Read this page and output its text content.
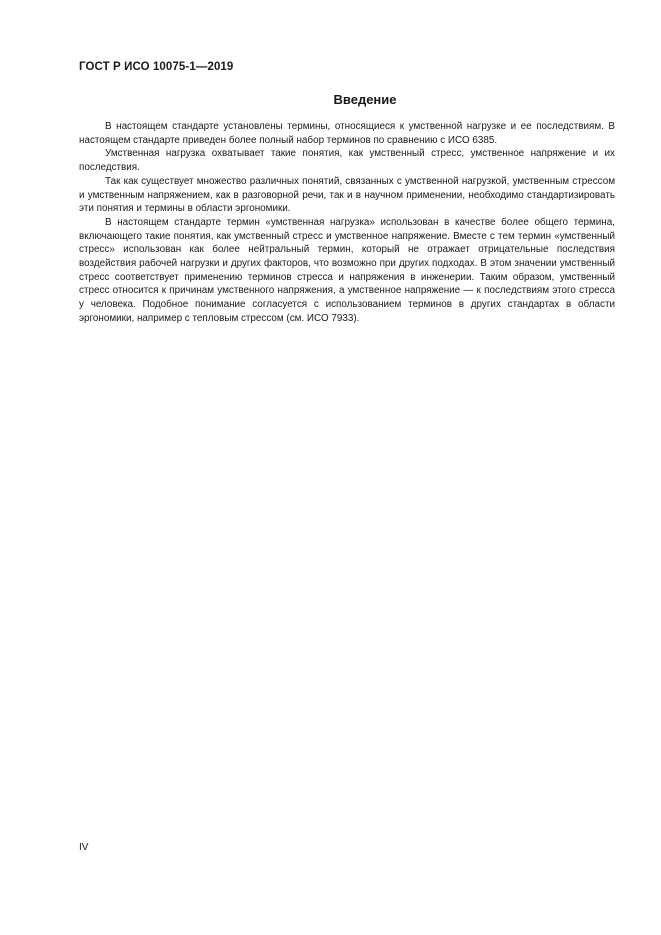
ГОСТ Р ИСО 10075-1—2019
Введение

В настоящем стандарте установлены термины, относящиеся к умственной нагрузке и ее последствиям. В настоящем стандарте приведен более полный набор терминов по сравнению с ИСО 6385.

Умственная нагрузка охватывает такие понятия, как умственный стресс, умственное напряжение и их последствия.

Так как существует множество различных понятий, связанных с умственной нагрузкой, умственным стрессом и умственным напряжением, как в разговорной речи, так и в научном применении, необходимо стандартизировать эти понятия и термины в области эргономики.

В настоящем стандарте термин «умственная нагрузка» использован в качестве более общего термина, включающего такие понятия, как умственный стресс и умственное напряжение. Вместе с тем термин «умственный стресс» использован как более нейтральный термин, который не отражает отрицательные последствия воздействия рабочей нагрузки и других факторов, что возможно при других подходах. В этом значении умственный стресс соответствует применению терминов стресса и напряжения в инженерии. Таким образом, умственный стресс относится к причинам умственного напряжения, а умственное напряжение — к последствиям этого стресса у человека. Подобное понимание согласуется с использованием терминов в других стандартах в области эргономики, например с тепловым стрессом (см. ИСО 7933).

IV
